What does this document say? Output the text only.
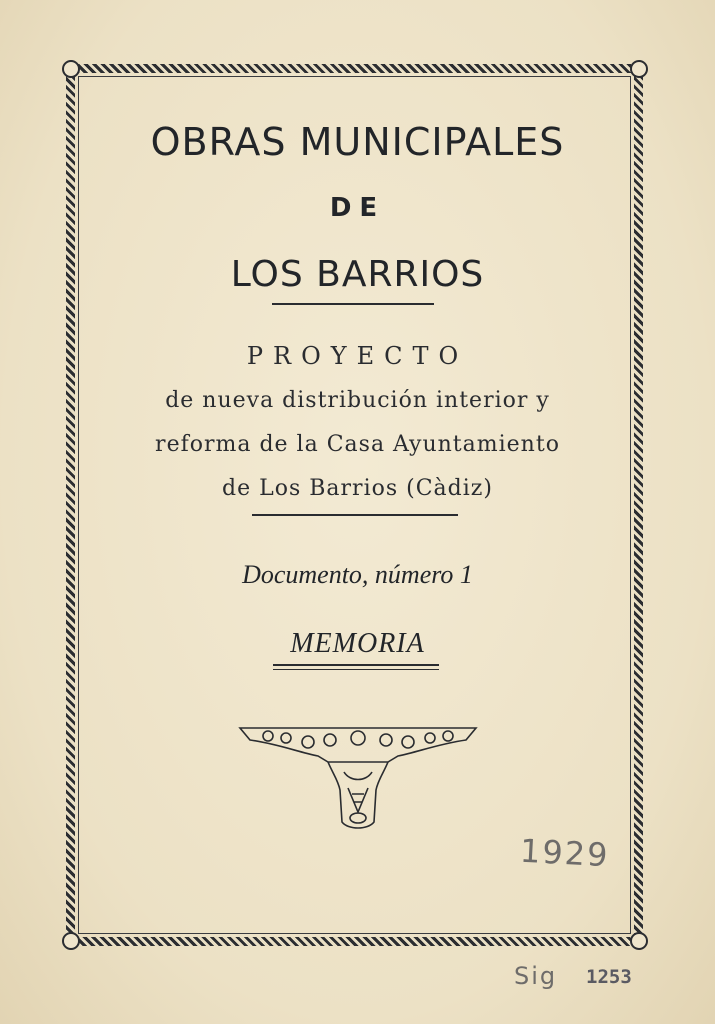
OBRAS MUNICIPALES

DE

LOS BARRIOS

PROYECTO

de nueva distribución interior y

reforma de la Casa Ayuntamiento

de Los Barrios (Càdiz)

Documento, número 1

MEMORIA

1929
Sig 1253
